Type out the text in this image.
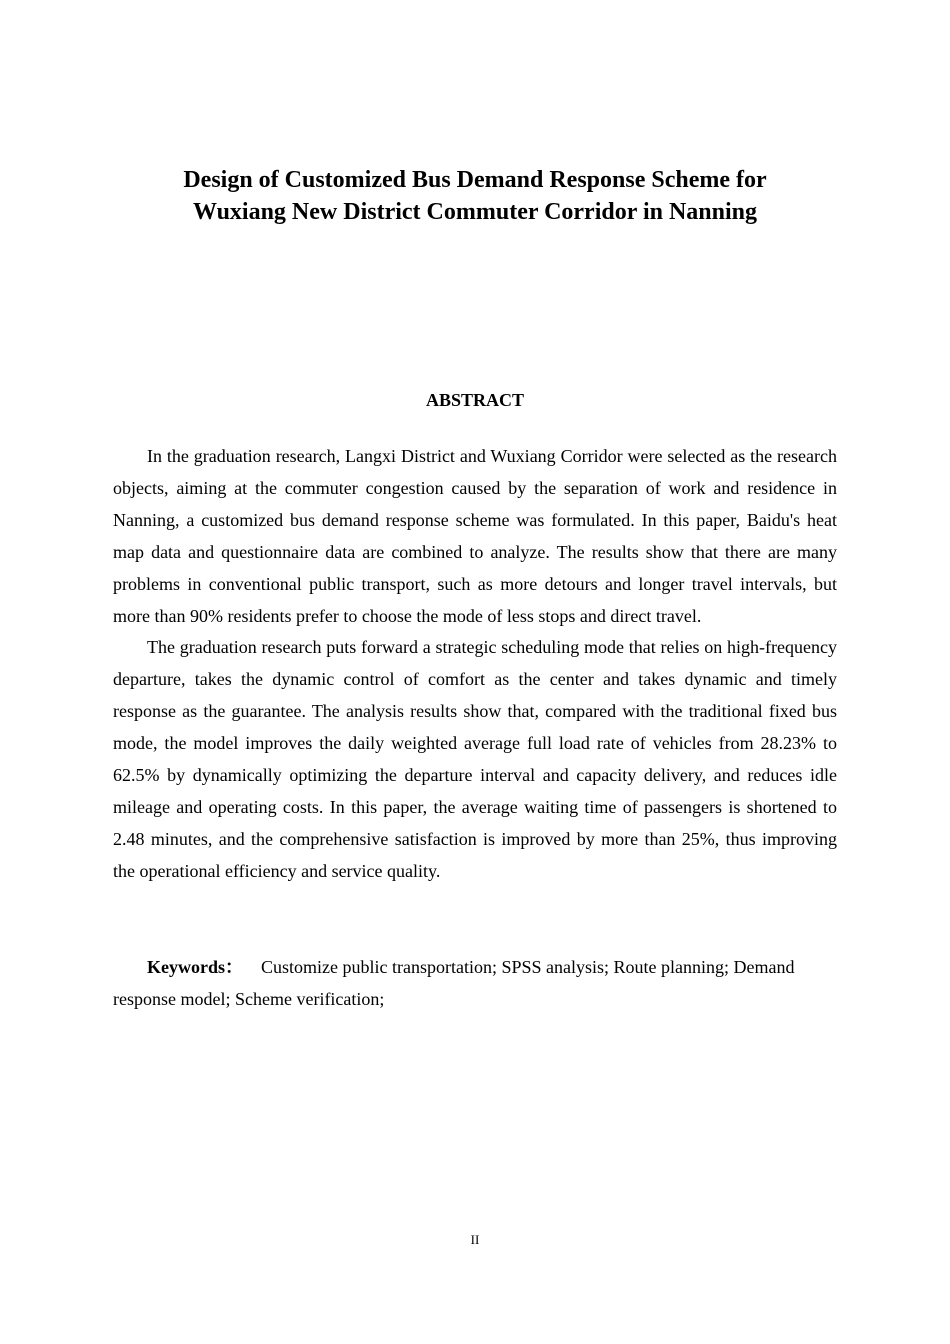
Design of Customized Bus Demand Response Scheme for
Wuxiang New District Commuter Corridor in Nanning
ABSTRACT

In the graduation research, Langxi District and Wuxiang Corridor were selected as the research objects, aiming at the commuter congestion caused by the separation of work and residence in Nanning, a customized bus demand response scheme was formulated. In this paper, Baidu's heat map data and questionnaire data are combined to analyze. The results show that there are many problems in conventional public transport, such as more detours and longer travel intervals, but more than 90% residents prefer to choose the mode of less stops and direct travel.

The graduation research puts forward a strategic scheduling mode that relies on high-frequency departure, takes the dynamic control of comfort as the center and takes dynamic and timely response as the guarantee. The analysis results show that, compared with the traditional fixed bus mode, the model improves the daily weighted average full load rate of vehicles from 28.23% to 62.5% by dynamically optimizing the departure interval and capacity delivery, and reduces idle mileage and operating costs. In this paper, the average waiting time of passengers is shortened to 2.48 minutes, and the comprehensive satisfaction is improved by more than 25%, thus improving the operational efficiency and service quality.

Keywords： Customize public transportation; SPSS analysis; Route planning; Demand response model; Scheme verification;
II
